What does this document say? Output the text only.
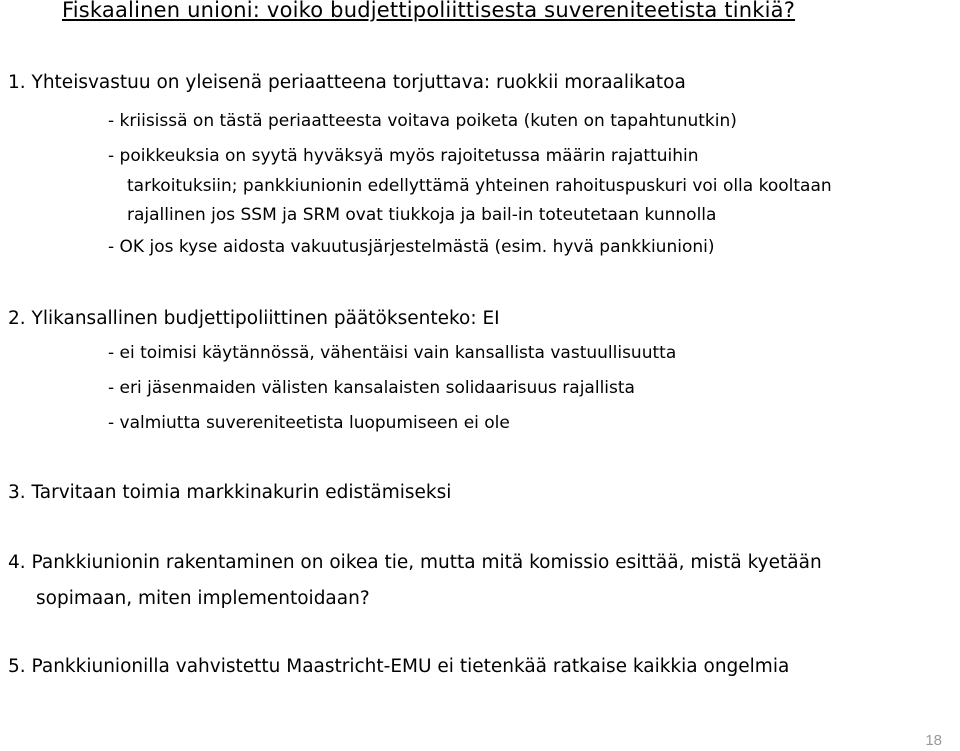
Fiskaalinen unioni: voiko budjettipoliittisesta suvereniteetista tinkiä?
1. Yhteisvastuu on yleisenä periaatteena torjuttava: ruokkii moraalikatoa
- kriisissä on tästä periaatteesta voitava poiketa (kuten on tapahtunutkin)
- poikkeuksia on syytä hyväksyä myös rajoitetussa määrin rajattuihin
tarkoituksiin; pankkiunionin edellyttämä yhteinen rahoituspuskuri voi olla kooltaan
rajallinen jos SSM ja SRM ovat tiukkoja ja bail-in toteutetaan kunnolla
- OK jos kyse aidosta vakuutusjärjestelmästä (esim. hyvä pankkiunioni)
2. Ylikansallinen budjettipoliittinen päätöksenteko: EI
- ei toimisi käytännössä, vähentäisi vain kansallista vastuullisuutta
- eri jäsenmaiden välisten kansalaisten solidaarisuus rajallista
- valmiutta suvereniteetista luopumiseen ei ole
3. Tarvitaan toimia markkinakurin edistämiseksi
4. Pankkiunionin rakentaminen on oikea tie, mutta mitä komissio esittää, mistä kyetään
sopimaan, miten implementoidaan?
5. Pankkiunionilla vahvistettu Maastricht-EMU ei tietenkää ratkaise kaikkia ongelmia
18
